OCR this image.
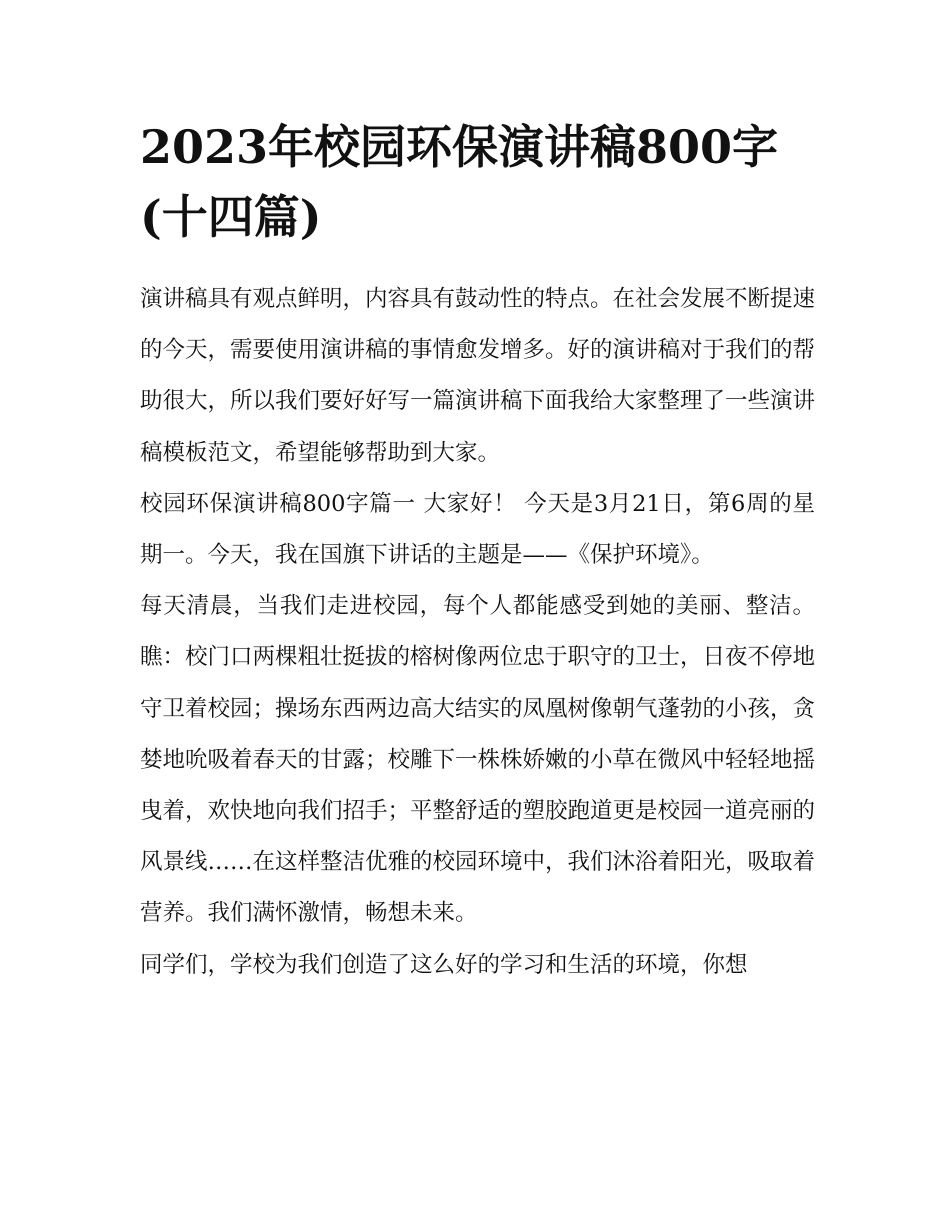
2023年校园环保演讲稿800字(十四篇)

演讲稿具有观点鲜明，内容具有鼓动性的特点。在社会发展不断提速的今天，需要使用演讲稿的事情愈发增多。好的演讲稿对于我们的帮助很大，所以我们要好好写一篇演讲稿下面我给大家整理了一些演讲稿模板范文，希望能够帮助到大家。

校园环保演讲稿800字篇一 大家好！ 今天是3月21日，第6周的星期一。今天，我在国旗下讲话的主题是——《保护环境》。

每天清晨，当我们走进校园，每个人都能感受到她的美丽、整洁。瞧：校门口两棵粗壮挺拔的榕树像两位忠于职守的卫士，日夜不停地守卫着校园；操场东西两边高大结实的凤凰树像朝气蓬勃的小孩，贪婪地吮吸着春天的甘露；校雕下一株株娇嫩的小草在微风中轻轻地摇曳着，欢快地向我们招手；平整舒适的塑胶跑道更是校园一道亮丽的风景线……在这样整洁优雅的校园环境中，我们沐浴着阳光，吸取着营养。我们满怀激情，畅想未来。

同学们，学校为我们创造了这么好的学习和生活的环境，你想
